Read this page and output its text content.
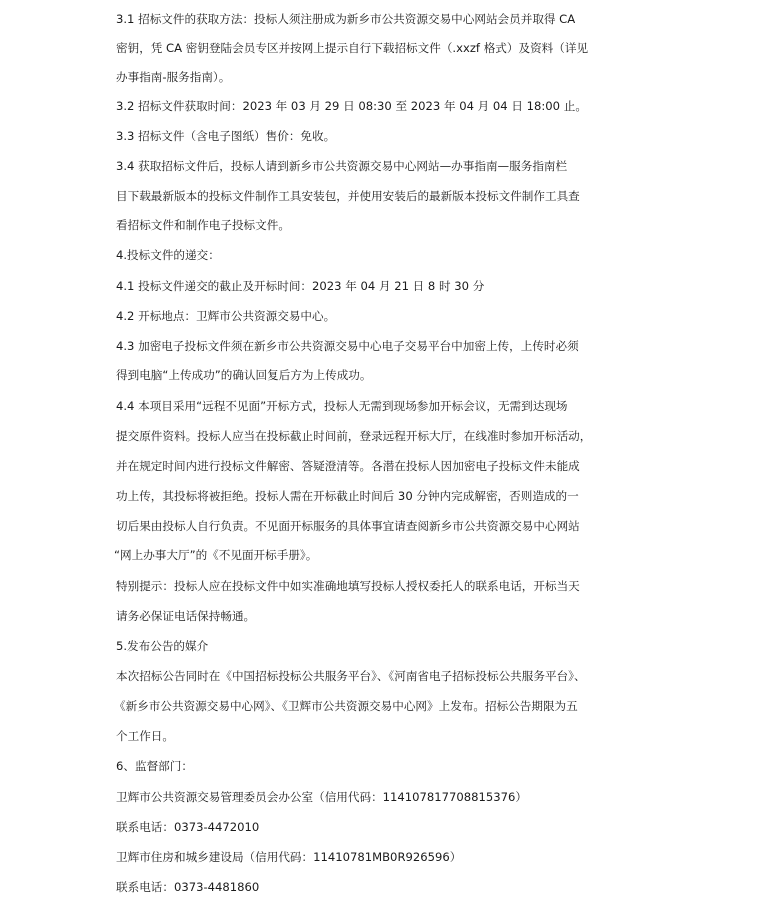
3.1 招标文件的获取方法：投标人须注册成为新乡市公共资源交易中心网站会员并取得 CA
密钥，凭 CA 密钥登陆会员专区并按网上提示自行下载招标文件（.xxzf 格式）及资料（详见
办事指南-服务指南）。
3.2 招标文件获取时间：2023 年 03 月 29 日 08:30 至 2023 年 04 月 04 日 18:00 止。
3.3 招标文件（含电子图纸）售价：免收。
3.4 获取招标文件后，投标人请到新乡市公共资源交易中心网站—办事指南—服务指南栏
目下载最新版本的投标文件制作工具安装包，并使用安装后的最新版本投标文件制作工具查
看招标文件和制作电子投标文件。
4.投标文件的递交：
4.1 投标文件递交的截止及开标时间：2023 年 04 月 21 日 8 时 30 分
4.2 开标地点：卫辉市公共资源交易中心。
4.3 加密电子投标文件须在新乡市公共资源交易中心电子交易平台中加密上传，上传时必须
得到电脑“上传成功”的确认回复后方为上传成功。
4.4 本项目采用“远程不见面”开标方式，投标人无需到现场参加开标会议，无需到达现场
提交原件资料。投标人应当在投标截止时间前，登录远程开标大厅，在线准时参加开标活动，
并在规定时间内进行投标文件解密、答疑澄清等。各潜在投标人因加密电子投标文件未能成
功上传，其投标将被拒绝。投标人需在开标截止时间后 30 分钟内完成解密，否则造成的一
切后果由投标人自行负责。不见面开标服务的具体事宜请查阅新乡市公共资源交易中心网站
“网上办事大厅”的《不见面开标手册》。
特别提示：投标人应在投标文件中如实准确地填写投标人授权委托人的联系电话，开标当天
请务必保证电话保持畅通。
5.发布公告的媒介
本次招标公告同时在《中国招标投标公共服务平台》、《河南省电子招标投标公共服务平台》、
《新乡市公共资源交易中心网》、《卫辉市公共资源交易中心网》上发布。招标公告期限为五
个工作日。
6、监督部门：
卫辉市公共资源交易管理委员会办公室（信用代码：114107817708815376）
联系电话：0373-4472010
卫辉市住房和城乡建设局（信用代码：11410781MB0R926596）
联系电话：0373-4481860
